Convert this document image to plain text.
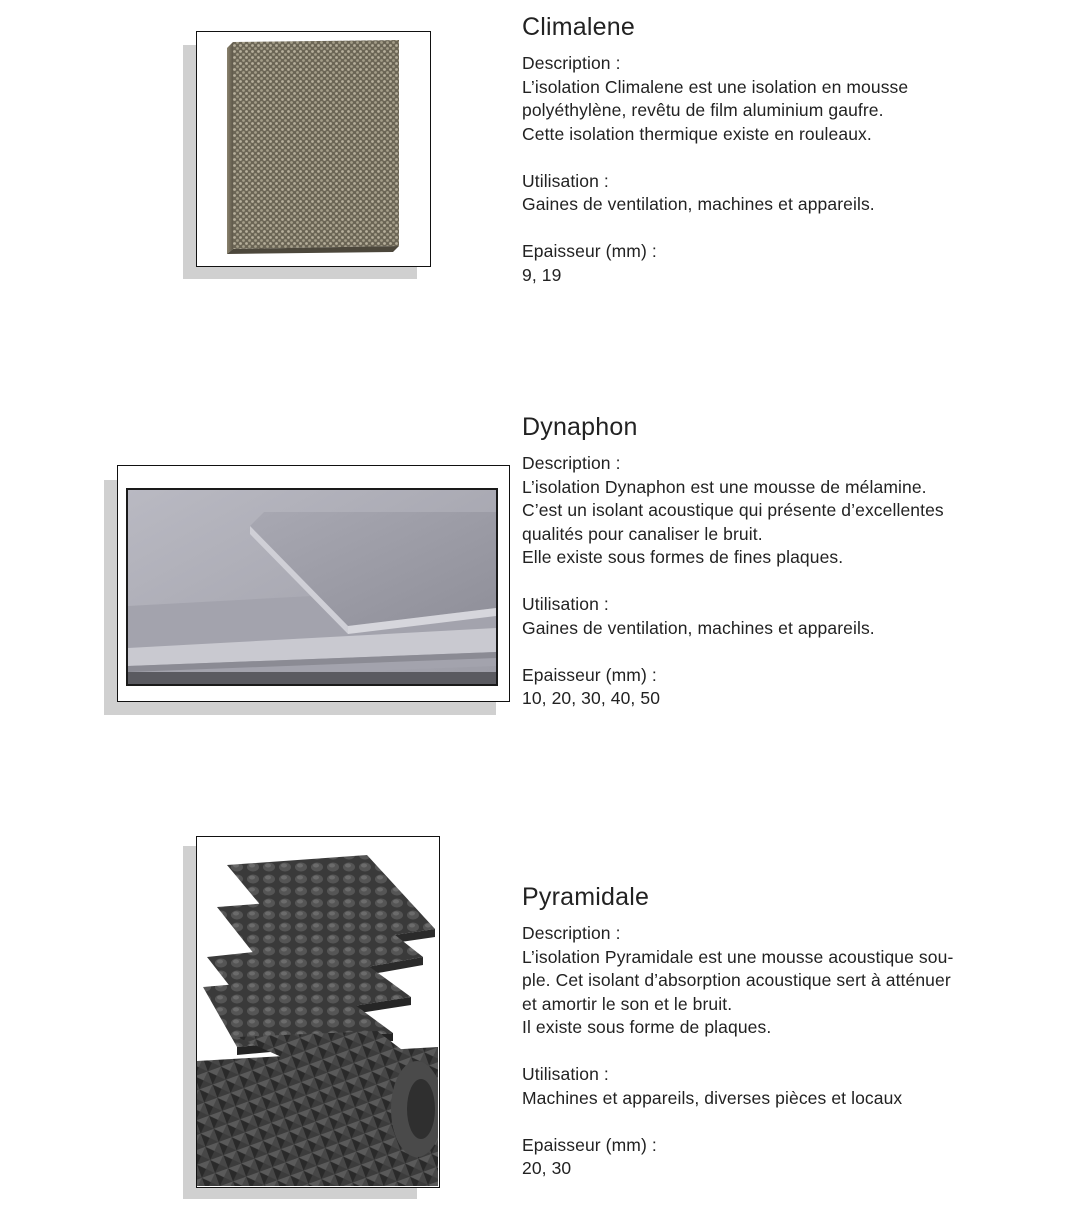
Climalene

Description :

L’isolation Climalene est une isolation en mousse

polyéthylène, revêtu de film aluminium gaufre.

Cette isolation thermique existe en rouleaux.

Utilisation :

Gaines de ventilation, machines et appareils.

Epaisseur (mm) :

9, 19

Dynaphon

Description :

L’isolation Dynaphon est une mousse de mélamine.

C’est un isolant acoustique qui présente d’excellentes

qualités pour canaliser le bruit.

Elle existe sous formes de fines plaques.

Utilisation :

Gaines de ventilation, machines et appareils.

Epaisseur (mm) :

10, 20, 30, 40, 50

Pyramidale

Description :

L’isolation Pyramidale est une mousse acoustique sou-

ple. Cet isolant d’absorption acoustique sert à atténuer

et amortir le son et le bruit.

Il existe sous forme de plaques.

Utilisation :

Machines et appareils, diverses pièces et locaux

Epaisseur (mm) :

20, 30
